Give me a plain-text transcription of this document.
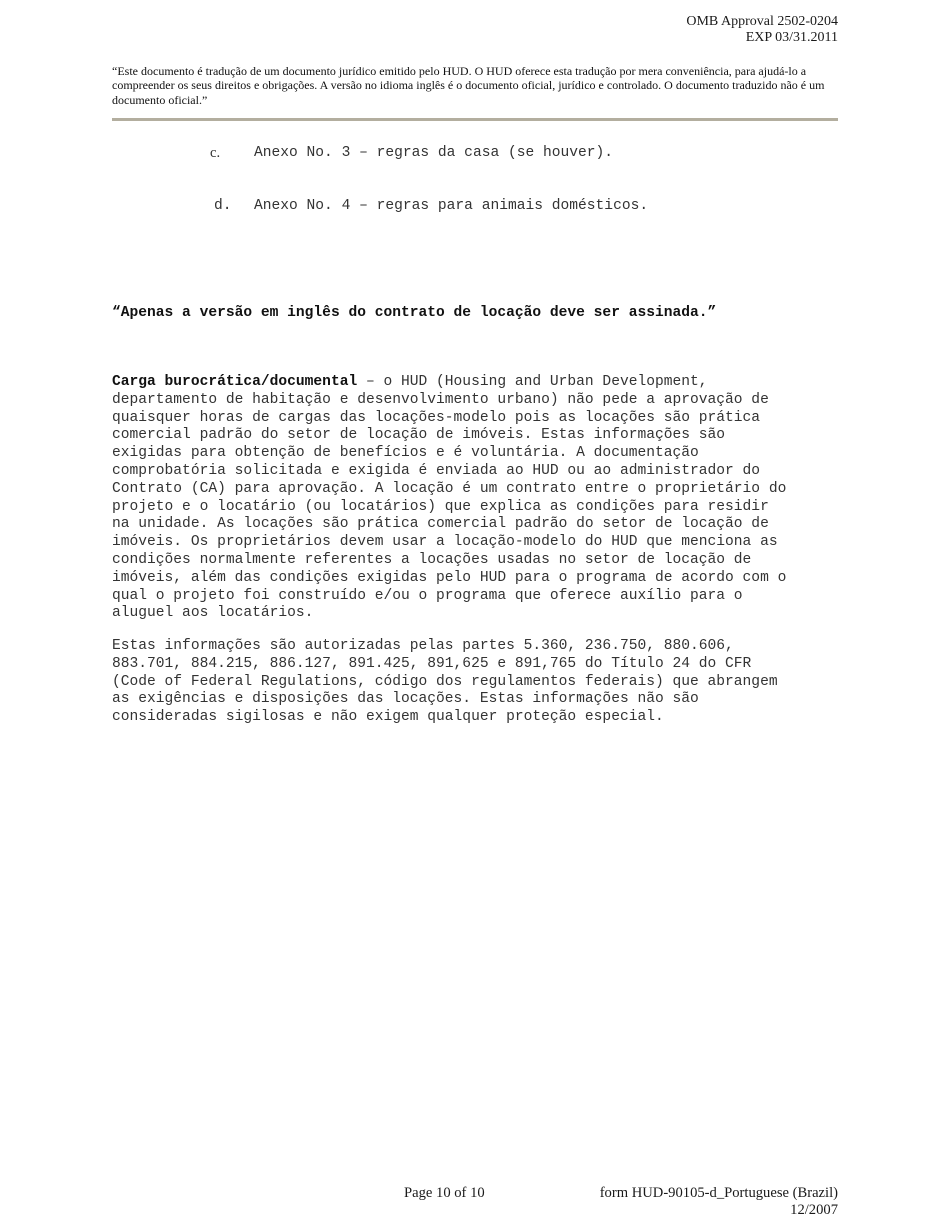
OMB Approval 2502-0204
EXP 03/31.2011
“Este documento é tradução de um documento jurídico emitido pelo HUD. O HUD oferece esta tradução por mera conveniência, para ajudá-lo a compreender os seus direitos e obrigações. A versão no idioma inglês é o documento oficial, jurídico e controlado. O documento traduzido não é um documento oficial.”
c. Anexo No. 3 – regras da casa (se houver).
d. Anexo No. 4 – regras para animais domésticos.
“Apenas a versão em inglês do contrato de locação deve ser assinada.”
Carga burocrática/documental – o HUD (Housing and Urban Development,
departamento de habitação e desenvolvimento urbano) não pede a aprovação de
quaisquer horas de cargas das locações-modelo pois as locações são prática
comercial padrão do setor de locação de imóveis. Estas informações são
exigidas para obtenção de benefícios e é voluntária. A documentação
comprobatória solicitada e exigida é enviada ao HUD ou ao administrador do
Contrato (CA) para aprovação. A locação é um contrato entre o proprietário do
projeto e o locatário (ou locatários) que explica as condições para residir
na unidade. As locações são prática comercial padrão do setor de locação de
imóveis. Os proprietários devem usar a locação-modelo do HUD que menciona as
condições normalmente referentes a locações usadas no setor de locação de
imóveis, além das condições exigidas pelo HUD para o programa de acordo com o
qual o projeto foi construído e/ou o programa que oferece auxílio para o
aluguel aos locatários.
Estas informações são autorizadas pelas partes 5.360, 236.750, 880.606,
883.701, 884.215, 886.127, 891.425, 891,625 e 891,765 do Título 24 do CFR
(Code of Federal Regulations, código dos regulamentos federais) que abrangem
as exigências e disposições das locações. Estas informações não são
consideradas sigilosas e não exigem qualquer proteção especial.
Page 10 of 10	form HUD-90105-d_Portuguese (Brazil)
12/2007
